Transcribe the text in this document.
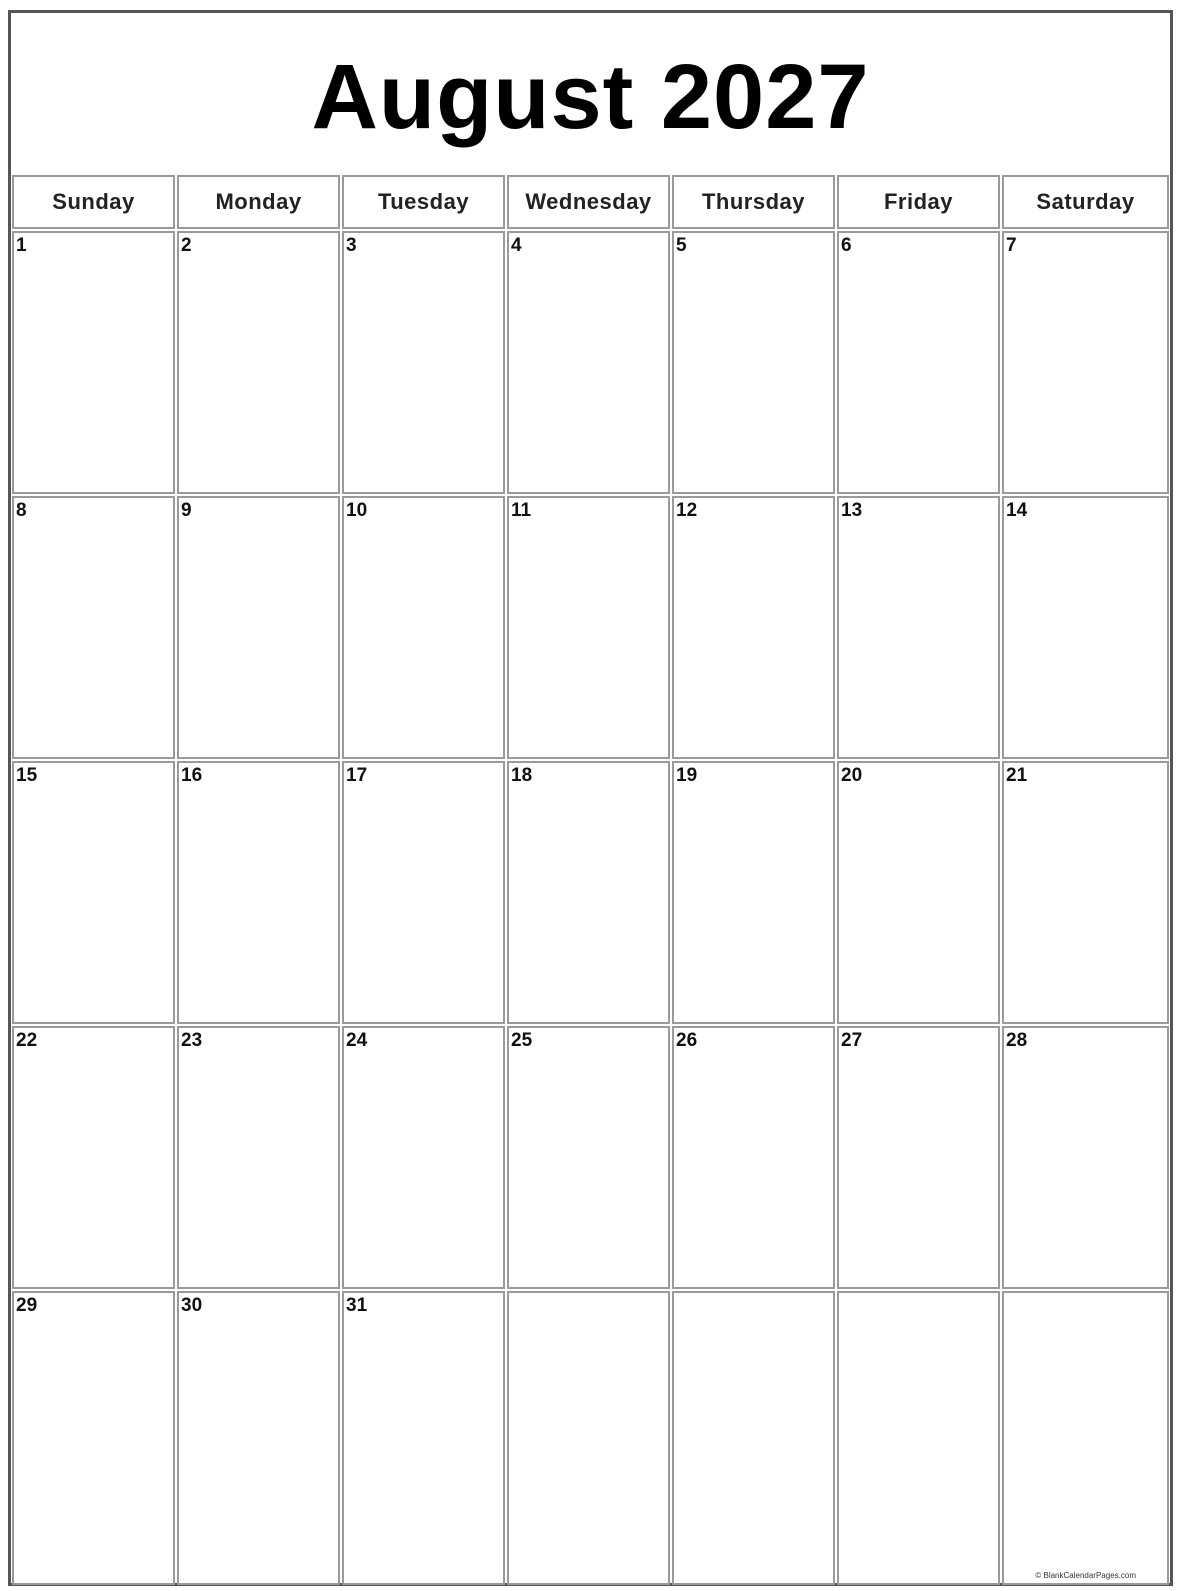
August 2027
Sunday	Monday	Tuesday	Wednesday	Thursday	Friday	Saturday
1	2	3	4	5	6	7
8	9	10	11	12	13	14
15	16	17	18	19	20	21
22	23	24	25	26	27	28
29	30	31
© BlankCalendarPages.com
